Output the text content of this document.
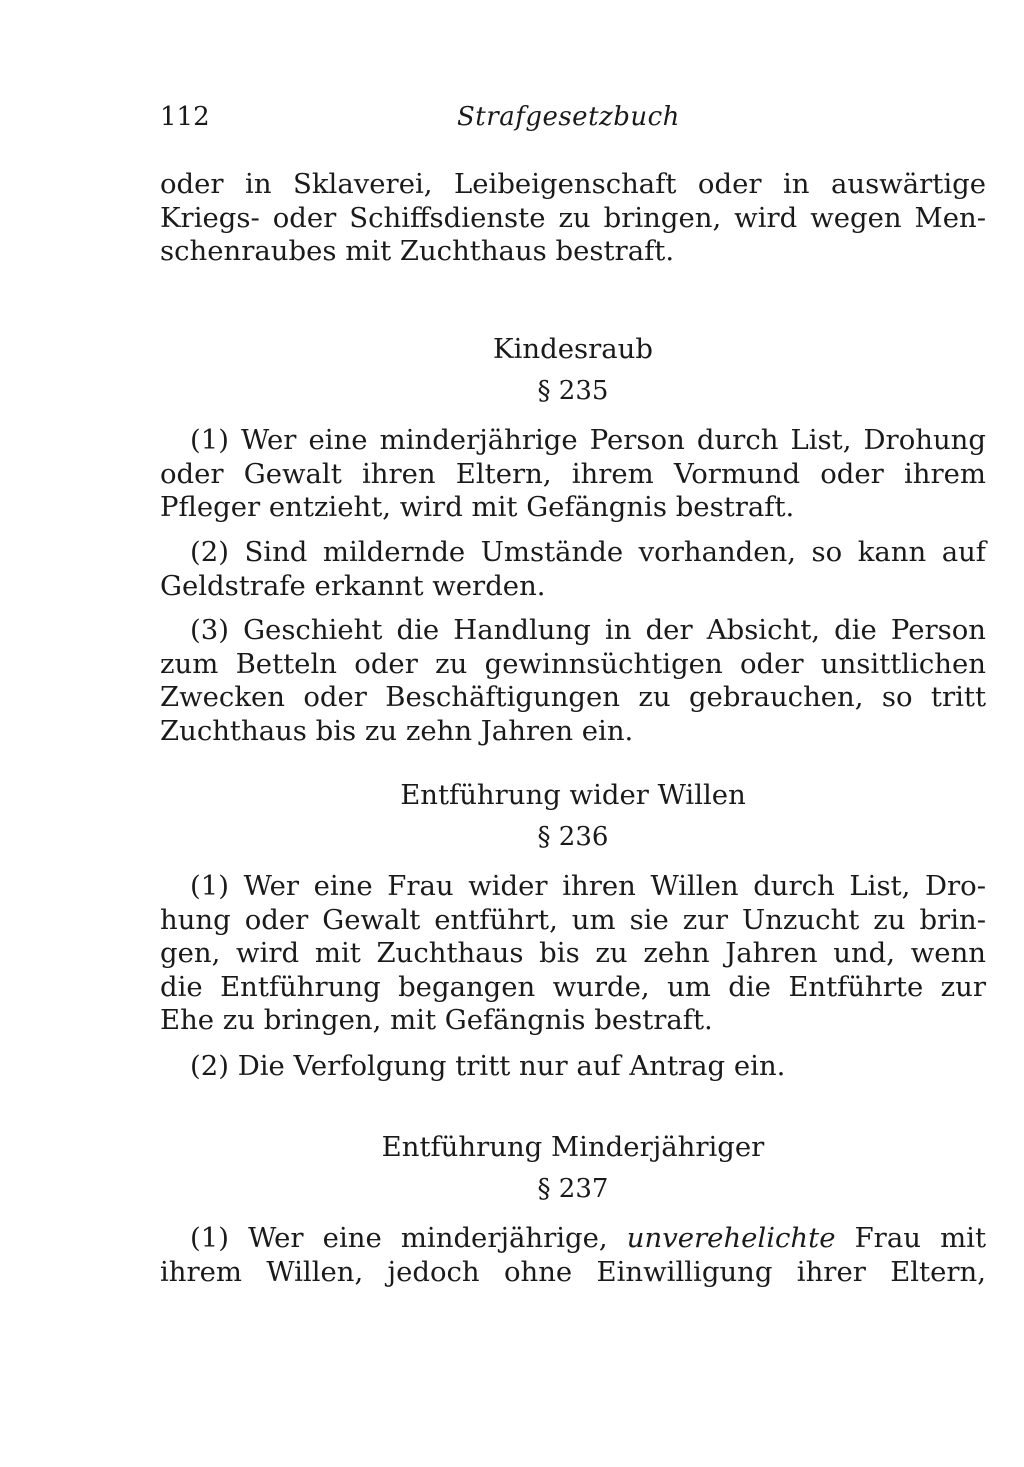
112	Strafgesetzbuch
oder in Sklaverei, Leibeigenschaft oder in auswärtige
Kriegs- oder Schiffsdienste zu bringen, wird wegen Men-
schenraubes mit Zuchthaus bestraft.
Kindesraub
§ 235
(1) Wer eine minderjährige Person durch List, Drohung
oder Gewalt ihren Eltern, ihrem Vormund oder ihrem
Pfleger entzieht, wird mit Gefängnis bestraft.
(2) Sind mildernde Umstände vorhanden, so kann auf
Geldstrafe erkannt werden.
(3) Geschieht die Handlung in der Absicht, die Person
zum Betteln oder zu gewinnsüchtigen oder unsittlichen
Zwecken oder Beschäftigungen zu gebrauchen, so tritt
Zuchthaus bis zu zehn Jahren ein.
Entführung wider Willen
§ 236
(1) Wer eine Frau wider ihren Willen durch List, Dro-
hung oder Gewalt entführt, um sie zur Unzucht zu brin-
gen, wird mit Zuchthaus bis zu zehn Jahren und, wenn
die Entführung begangen wurde, um die Entführte zur
Ehe zu bringen, mit Gefängnis bestraft.
(2) Die Verfolgung tritt nur auf Antrag ein.
Entführung Minderjähriger
§ 237
(1) Wer eine minderjährige, unverehelichte Frau mit
ihrem Willen, jedoch ohne Einwilligung ihrer Eltern,
